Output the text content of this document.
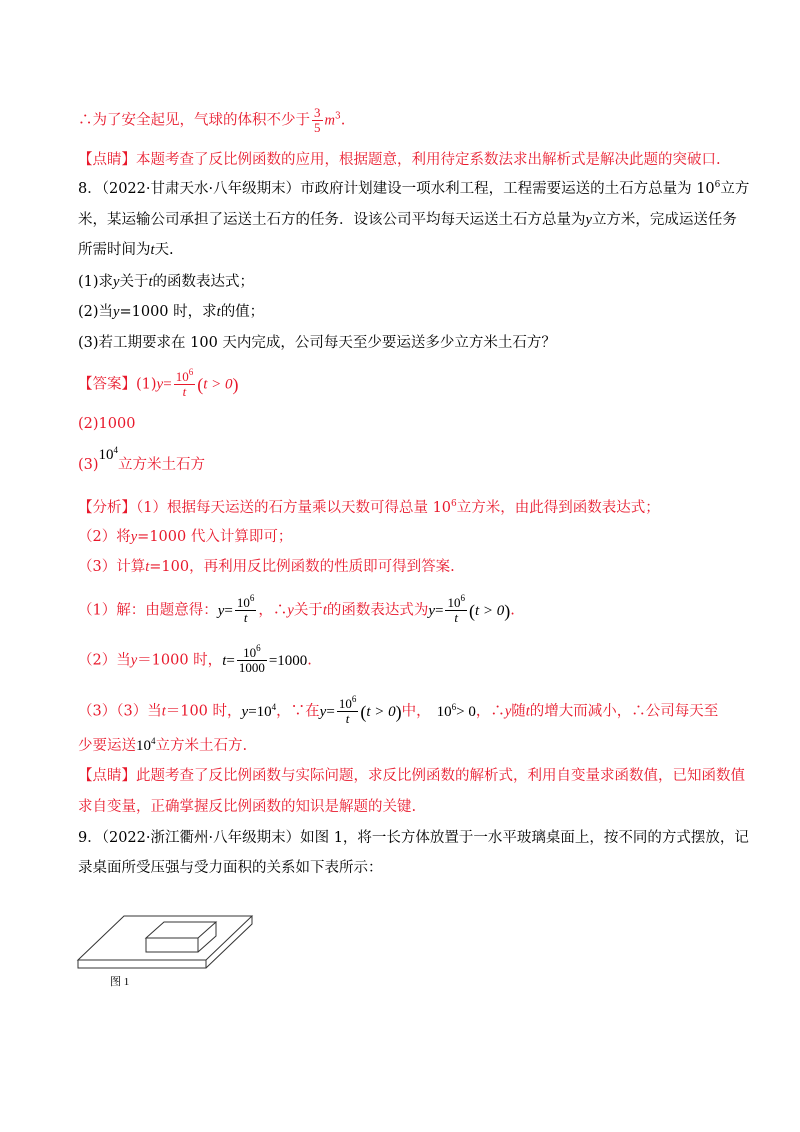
∴为了安全起见，气球的体积不少于 $\frac{3}{5} m^3$.
【点睛】本题考查了反比例函数的应用，根据题意，利用待定系数法求出解析式是解决此题的突破口.
8．（2022·甘肃天水·八年级期末）市政府计划建设一项水利工程，工程需要运送的土石方总量为 $10^6$立方
米，某运输公司承担了运送土石方的任务．设该公司平均每天运送土石方总量为y立方米，完成运送任务
所需时间为t天.
(1)求y关于t的函数表达式；
(2)当y=1000 时，求t的值；
(3)若工期要求在 100 天内完成，公司每天至少要运送多少立方米土石方？
【答案】$(1)y= \frac{10^6}{t} (t > 0)$
(2)1000
$(3)10^4$立方米土石方
【分析】（1）根据每天运送的石方量乘以天数可得总量 $10^6$立方米，由此得到函数表达式；
（2）将y=1000 代入计算即可；
（3）计算t=100，再利用反比例函数的性质即可得到答案.
（1）解：由题意得：$y= \frac{10^6}{t}$ ，∴y关于t的函数表达式为$y= \frac{10^6}{t} (t > 0)$.
（2）当y＝1000 时，$t= \frac{10^6}{1000} =1000$.
（3）（3）当t＝100 时，$y=10^4$，∵在$y= \frac{10^6}{t} (t > 0)$中， $10^6> 0$，∴y随t的增大而减小，∴公司每天至
少要运送$10^4$立方米土石方.
【点睛】此题考查了反比例函数与实际问题，求反比例函数的解析式，利用自变量求函数值，已知函数值
求自变量，正确掌握反比例函数的知识是解题的关键.
9．（2022·浙江衢州·八年级期末）如图 1，将一长方体放置于一水平玻璃桌面上，按不同的方式摆放，记
录桌面所受压强与受力面积的关系如下表所示：
图 1
